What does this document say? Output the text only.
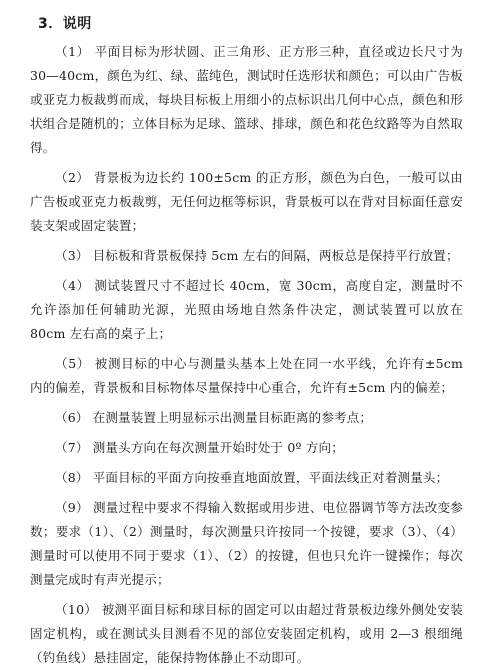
3．说明

（1） 平面目标为形状圆、正三角形、正方形三种，直径或边长尺寸为30—40cm，颜色为红、绿、蓝纯色，测试时任选形状和颜色；可以由广告板或亚克力板裁剪而成，每块目标板上用细小的点标识出几何中心点，颜色和形状组合是随机的；立体目标为足球、篮球、排球，颜色和花色纹路等为自然取得。

（2） 背景板为边长约 100±5cm 的正方形，颜色为白色，一般可以由广告板或亚克力板裁剪，无任何边框等标识，背景板可以在背对目标面任意安装支架或固定装置；

（3） 目标板和背景板保持 5cm 左右的间隔，两板总是保持平行放置；

（4） 测试装置尺寸不超过长 40cm，宽 30cm，高度自定，测量时不允许添加任何辅助光源，光照由场地自然条件决定，测试装置可以放在 80cm 左右高的桌子上；

（5） 被测目标的中心与测量头基本上处在同一水平线，允许有±5cm 内的偏差，背景板和目标物体尽量保持中心重合，允许有±5cm 内的偏差；

（6） 在测量装置上明显标示出测量目标距离的参考点；

（7） 测量头方向在每次测量开始时处于 0º 方向；

（8） 平面目标的平面方向按垂直地面放置，平面法线正对着测量头；

（9） 测量过程中要求不得输入数据或用步进、电位器调节等方法改变参数；要求（1）、（2）测量时，每次测量只许按同一个按键，要求（3）、（4）测量时可以使用不同于要求（1）、（2）的按键，但也只允许一键操作；每次测量完成时有声光提示；

（10） 被测平面目标和球目标的固定可以由超过背景板边缘外侧处安装固定机构，或在测试头目测看不见的部位安装固定机构，或用 2—3 根细绳（钓鱼线）悬挂固定，能保持物体静止不动即可。
